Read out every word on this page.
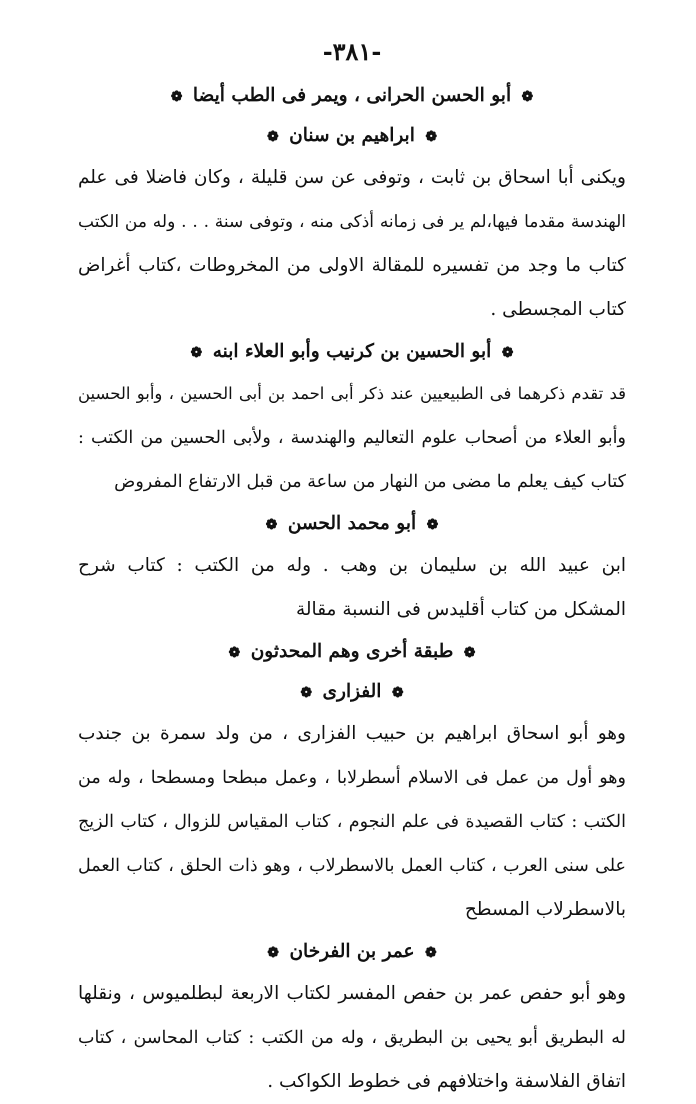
-٣٨١-
❁ أبو الحسن الحرانى ، ويمر فى الطب أيضا ❁
❁ ابراهيم بن سنان ❁
ويكنى أبا اسحاق بن ثابت ، وتوفى عن سن قليلة ، وكان فاضلا فى علم
الهندسة مقدما فيها،لم ير فى زمانه أذكى منه ، وتوفى سنة . . . وله من الكتب
كتاب ما وجد من تفسيره للمقالة الاولى من المخروطات ،كتاب أغراض
كتاب المجسطى .
❁ أبو الحسين بن كرنيب وأبو العلاء ابنه ❁
قد تقدم ذكرهما فى الطبيعيين عند ذكر أبى احمد بن أبى الحسين ، وأبو الحسين
وأبو العلاء من أصحاب علوم التعاليم والهندسة ، ولأبى الحسين من الكتب :
كتاب كيف يعلم ما مضى من النهار من ساعة من قبل الارتفاع المفروض
❁ أبو محمد الحسن ❁
ابن عبيد الله بن سليمان بن وهب . وله من الكتب : كتاب شرح
المشكل من كتاب أقليدس فى النسبة مقالة
❁ طبقة أخرى وهم المحدثون ❁
❁ الفزارى ❁
وهو أبو اسحاق ابراهيم بن حبيب الفزارى ، من ولد سمرة بن جندب
وهو أول من عمل فى الاسلام أسطرلابا ، وعمل مبطحا ومسطحا ، وله من
الكتب : كتاب القصيدة فى علم النجوم ، كتاب المقياس للزوال ، كتاب الزيج
على سنى العرب ، كتاب العمل بالاسطرلاب ، وهو ذات الحلق ، كتاب العمل
بالاسطرلاب المسطح
❁ عمر بن الفرخان ❁
وهو أبو حفص عمر بن حفص المفسر لكتاب الاربعة لبطلميوس ، ونقلها
له البطريق أبو يحيى بن البطريق ، وله من الكتب : كتاب المحاسن ، كتاب
اتفاق الفلاسفة واختلافهم فى خطوط الكواكب .
